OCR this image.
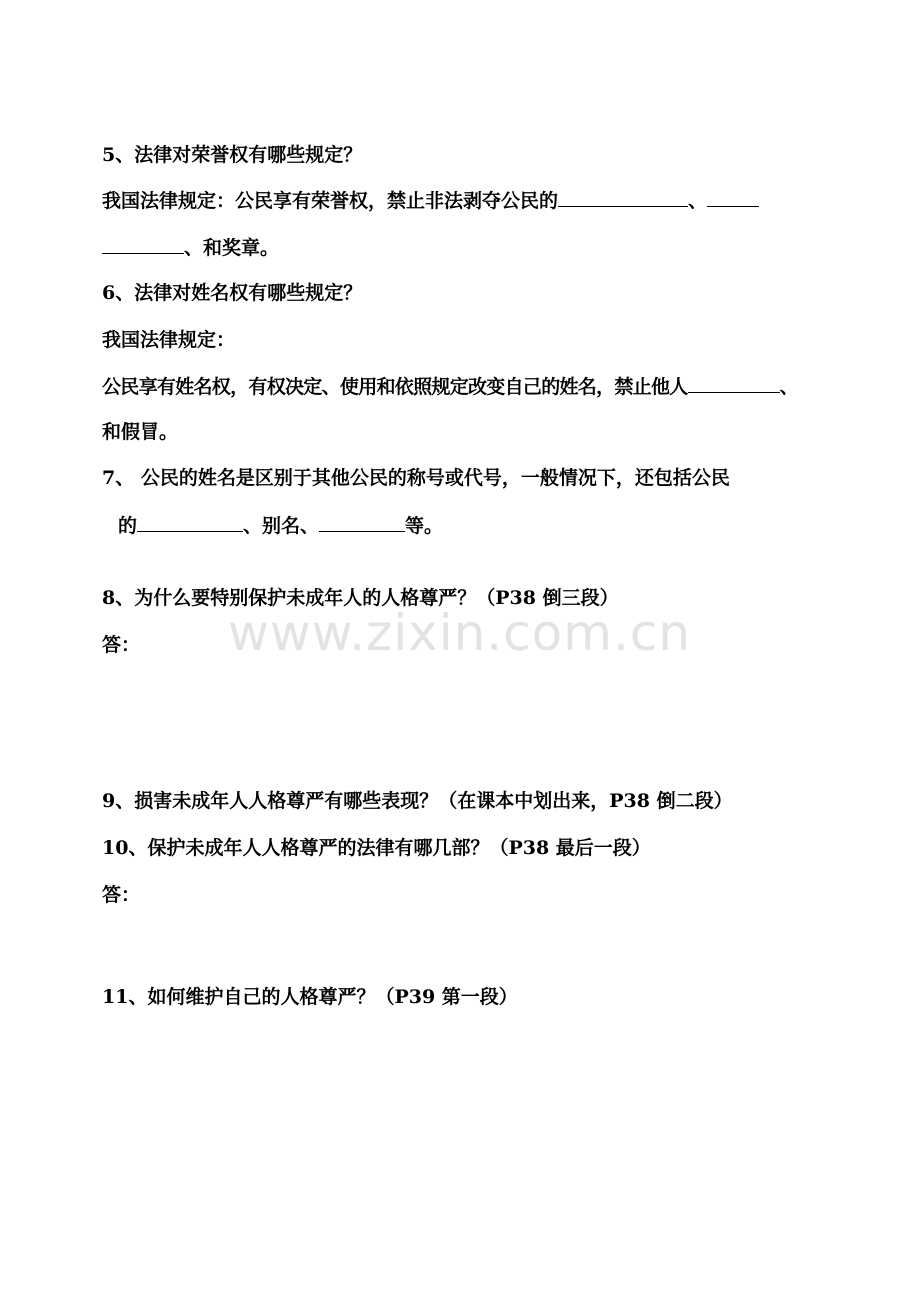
www.zixin.com.cn
5、法律对荣誉权有哪些规定？
我国法律规定：公民享有荣誉权，禁止非法剥夺公民的	、
、和奖章。
6、法律对姓名权有哪些规定？
我国法律规定：
公民享有姓名权，有权决定、使用和依照规定改变自己的姓名，禁止他人	、
和假冒。
7、 公民的姓名是区别于其他公民的称号或代号，一般情况下，还包括公民
的	、别名、	等。
8、为什么要特别保护未成年人的人格尊严？（P38 倒三段）
答：
9、损害未成年人人格尊严有哪些表现？（在课本中划出来，P38 倒二段）
10、保护未成年人人格尊严的法律有哪几部？（P38 最后一段）
答：
11、如何维护自己的人格尊严？（P39 第一段）
